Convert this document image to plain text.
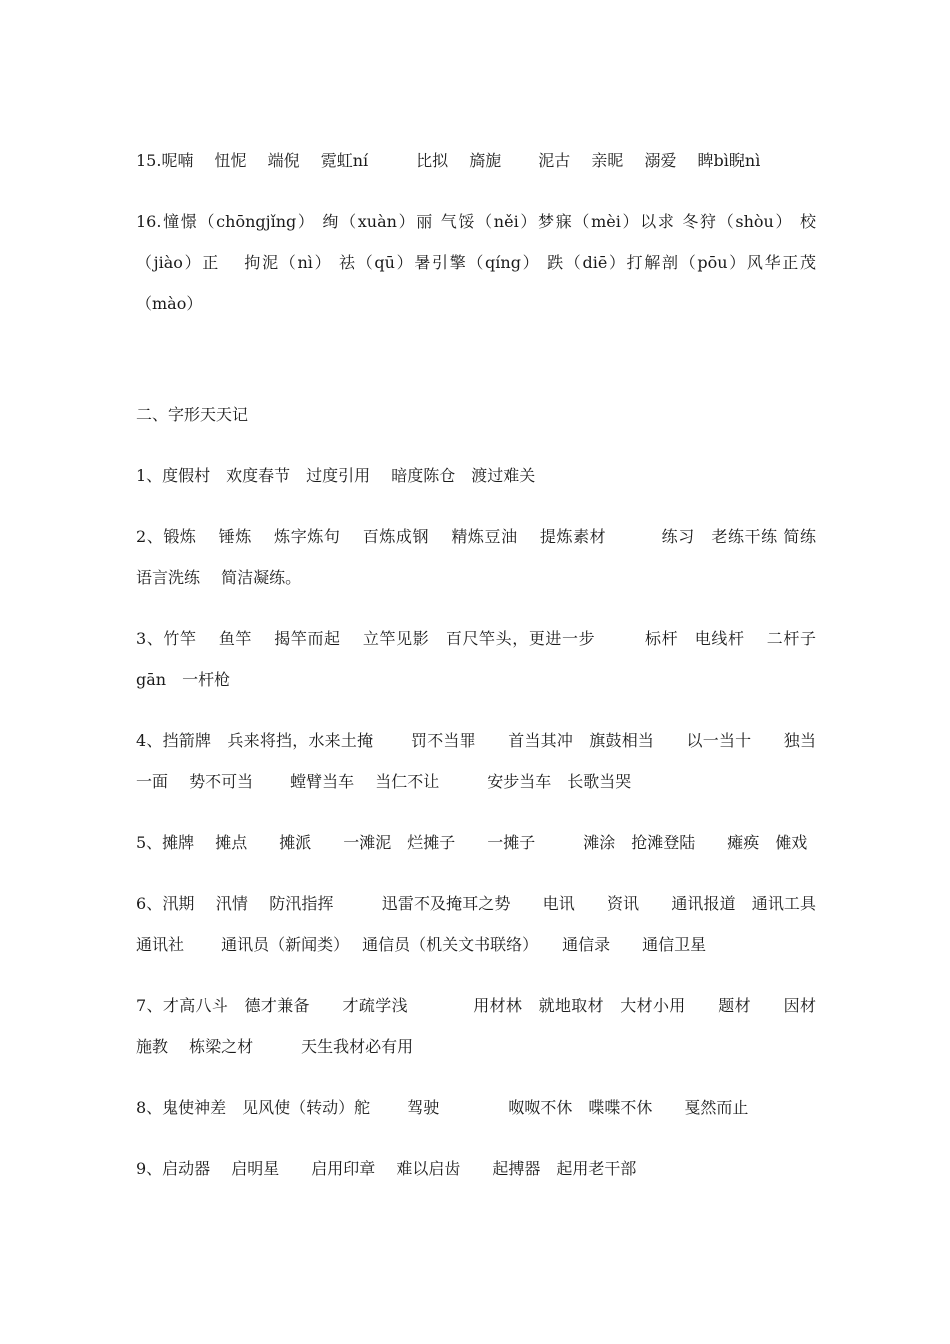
15.呢喃　 忸怩　 端倪　 霓虹ní　　　比拟　 旖旎　　 泥古　 亲昵　 溺爱　 睥bì睨nì
16.憧憬（chōngjǐng） 绚（xuàn）丽 气馁（něi）梦寐（mèi）以求 冬狩（shòu） 校
（jiào）正　 拘泥（nì） 祛（qū）暑引擎（qíng） 跌（diē）打解剖（pōu）风华正茂
（mào）
二、字形天天记
1、度假村　欢度春节　过度引用　 暗度陈仓　渡过难关
2、锻炼　 锤炼　 炼字炼句　 百炼成钢　 精炼豆油　 提炼素材　　　 练习　老练干练 简练
语言洗练　 简洁凝练。
3、竹竿　 鱼竿　 揭竿而起　 立竿见影　百尺竿头，更进一步　　　标杆　电线杆　 二杆子
gān　一杆枪
4、挡箭牌　兵来将挡，水来土掩　　 罚不当罪　　首当其冲　旗鼓相当　　以一当十　　独当
一面　 势不可当　　 螳臂当车　 当仁不让　　　安步当车　长歌当哭
5、摊牌　 摊点　　摊派　　一滩泥　烂摊子　　一摊子　　　滩涂　抢滩登陆　　瘫痪　傩戏
6、汛期　 汛情　 防汛指挥　　　迅雷不及掩耳之势　　电讯　　资讯　　通讯报道　通讯工具
通讯社　　 通讯员（新闻类）　 通信员（机关文书联络）　　通信录　　通信卫星
7、才高八斗　德才兼备　　才疏学浅　　　　用材林　就地取材　大材小用　　题材　　因材
施教　 栋梁之材　　　天生我材必有用
8、鬼使神差　见风使（转动）舵　　 驾驶　　　　 呶呶不休　喋喋不休　　戛然而止
9、启动器　 启明星　　启用印章　 难以启齿　　起搏器　起用老干部
